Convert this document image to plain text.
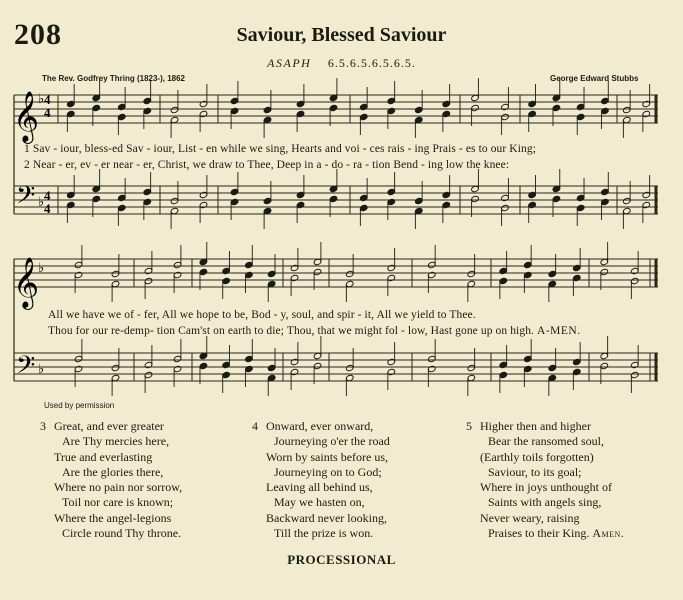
208	Saviour, Blessed Saviour
ASAPH 6.5.6.5.6.5.6.5.
The Rev. Godfrey Thring (1823-), 1862	George Edward Stubbs
𝄞
𝄢
4
4
4
4
𝄞
𝄢
♭
♭
♭
♭
1 Sav - iour, bless-ed Sav - iour, List - en while we sing, Hearts and voi - ces rais - ing Prais - es to our King;
2 Near - er, ev - er near - er, Christ, we draw to Thee, Deep in a - do - ra - tion Bend - ing low the knee:
All we have we of - fer, All we hope to be, Bod - y, soul, and spir - it, All we yield to Thee.
Thou for our re-demp- tion Cam'st on earth to die; Thou, that we might fol - low, Hast gone up on high. A-MEN.
Used by permission
3 Great, and ever greater
Are Thy mercies here,
True and everlasting
Are the glories there,
Where no pain nor sorrow,
Toil nor care is known;
Where the angel-legions
Circle round Thy throne.
4 Onward, ever onward,
Journeying o'er the road
Worn by saints before us,
Journeying on to God;
Leaving all behind us,
May we hasten on,
Backward never looking,
Till the prize is won.
5 Higher then and higher
Bear the ransomed soul,
(Earthly toils forgotten)
Saviour, to its goal;
Where in joys unthought of
Saints with angels sing,
Never weary, raising
Praises to their King. Amen.
PROCESSIONAL
